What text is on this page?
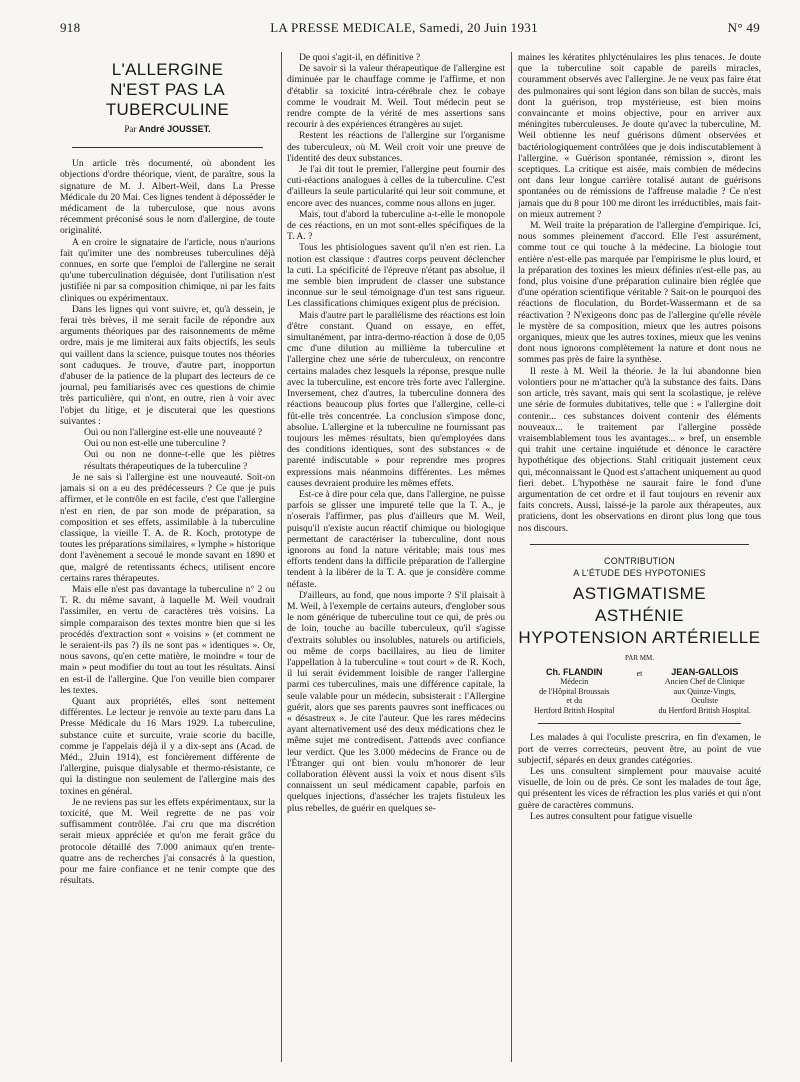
918	LA PRESSE MEDICALE, Samedi, 20 Juin 1931	N° 49
L'ALLERGINE
N'EST PAS LA TUBERCULINE
Par André JOUSSET.

Un article très documenté, où abondent les objections d'ordre théorique, vient, de paraître, sous la signature de M. J. Albert-Weil, dans La Presse Médicale du 20 Mai. Ces lignes tendent à déposséder le médicament de la tuberculose, que nous avons récemment préconisé sous le nom d'allergine, de toute originalité.

A en croire le signataire de l'article, nous n'aurions fait qu'imiter une des nombreuses tuberculines déjà connues, en sorte que l'emploi de l'allergine ne serait qu'une tuberculination déguisée, dont l'utilisation n'est justifiée ni par sa composition chimique, ni par les faits cliniques ou expérimentaux.

Dans les lignes qui vont suivre, et, qu'à dessein, je ferai très brèves, il me serait facile de répondre aux arguments théoriques par des raisonnements de même ordre, mais je me limiterai aux faits objectifs, les seuls qui vaillent dans la science, puisque toutes nos théories sont caduques. Je trouve, d'autre part, inopportun d'abuser de la patience de la plupart des lecteurs de ce journal, peu familiarisés avec ces questions de chimie très particulière, qui n'ont, en outre, rien à voir avec l'objet du litige, et je discuterai que les questions suivantes :

Oui ou non l'allergine est-elle une nouveauté ?

Oui ou non est-elle une tuberculine ?

Oui ou non ne donne-t-elle que les piètres résultats thérapeutiques de la tuberculine ?

Je ne sais si l'allergine est une nouveauté. Soit-on jamais si on a eu des prédécesseurs ? Ce que je puis affirmer, et le contrôle en est facile, c'est que l'allergine n'est en rien, de par son mode de préparation, sa composition et ses effets, assimilable à la tuberculine classique, la vieille T. A. de R. Koch, prototype de toutes les préparations similaires, « lymphe » historique dont l'avènement a secoué le monde savant en 1890 et que, malgré de retentissants échecs, utilisent encore certains rares thérapeutes.

Mais elle n'est pas davantage la tuberculine n° 2 ou T. R. du même savant, à laquelle M. Weil voudrait l'assimiler, en vertu de caractères très voisins. La simple comparaison des textes montre bien que si les procédés d'extraction sont « voisins » (et comment ne le seraient-ils pas ?) ils ne sont pas « identiques ». Or, nous savons, qu'en cette matière, le moindre « tour de main » peut modifier du tout au tout les résultats. Ainsi en est-il de l'allergine. Que l'on veuille bien comparer les textes.

Quant aux propriétés, elles sont nettement différentes. Le lecteur je renvoie au texte paru dans La Presse Médicale du 16 Mars 1929. La tuberculine, substance cuite et surcuite, vraie scorie du bacille, comme je l'appelais déjà il y a dix-sept ans (Acad. de Méd., 2Juin 1914), est foncièrement différente de l'allergine, puisque dialysable et thermo-résistante, ce qui la distingue non seulement de l'allergine mais des toxines en général.

Je ne reviens pas sur les effets expérimentaux, sur la toxicité, que M. Weil regrette de ne pas voir suffisamment contrôlée. J'ai cru que ma discrétion serait mieux appréciée et qu'on me ferait grâce du protocole détaillé des 7.000 animaux qu'en trente-quatre ans de recherches j'ai consacrés à la question, pour me faire confiance et ne tenir compte que des résultats.

De quoi s'agit-il, en définitive ?

De savoir si la valeur thérapeutique de l'allergine est diminuée par le chauffage comme je l'affirme, et non d'établir sa toxicité intra-cérébrale chez le cobaye comme le voudrait M. Weil. Tout médecin peut se rendre compte de la vérité de mes assertions sans recourir à des expériences étrangères au sujet.

Restent les réactions de l'allergine sur l'organisme des tuberculeux, où M. Weil croit voir une preuve de l'identité des deux substances.

Je l'ai dit tout le premier, l'allergine peut fournir des cuti-réactions analogues à celles de la tuberculine. C'est d'ailleurs la seule particularité qui leur soit commune, et encore avec des nuances, comme nous allons en juger.

Mais, tout d'abord la tuberculine a-t-elle le monopole de ces réactions, en un mot sont-elles spécifiques de la T. A. ?

Tous les phtisiologues savent qu'il n'en est rien. La notion est classique : d'autres corps peuvent déclencher la cuti. La spécificité de l'épreuve n'étant pas absolue, il me semble bien imprudent de classer une substance inconnue sur le seul témoignage d'un test sans rigueur. Les classifications chimiques exigent plus de précision.

Mais d'autre part le parallélisme des réactions est loin d'être constant. Quand on essaye, en effet, simultanément, par intra-dermo-réaction à dose de 0,05 cmc d'une dilution au millième la tuberculine et l'allergine chez une série de tuberculeux, on rencontre certains malades chez lesquels la réponse, presque nulle avec la tuberculine, est encore très forte avec l'allergine. Inversement, chez d'autres, la tuberculine donnera des réactions beaucoup plus fortes que l'allergine, celle-ci fût-elle très concentrée. La conclusion s'impose donc, absolue. L'allergine et la tuberculine ne fournissant pas toujours les mêmes résultats, bien qu'employées dans des conditions identiques, sont des substances « de parenté indiscutable » pour reprendre mes propres expressions mais néanmoins différentes. Les mêmes causes devraient produire les mêmes effets.

Est-ce à dire pour cela que, dans l'allergine, ne puisse parfois se glisser une impureté telle que la T. A., je n'oserais l'affirmer, pas plus d'ailleurs que M. Weil, puisqu'il n'existe aucun réactif chimique ou biologique permettant de caractériser la tuberculine, dont nous ignorons au fond la nature véritable; mais tous mes efforts tendent dans la difficile préparation de l'allergine tendent à la libérer de la T. A. que je considère comme néfaste.

D'ailleurs, au fond, que nous importe ? S'il plaisait à M. Weil, à l'exemple de certains auteurs, d'englober sous le nom générique de tuberculine tout ce qui, de près ou de loin, touche au bacille tuberculeux, qu'il s'agisse d'extraits solubles ou insolubles, naturels ou artificiels, ou même de corps bacillaires, au lieu de limiter l'appellation à la tuberculine « tout court » de R. Koch, il lui serait évidemment loisible de ranger l'allergine parmi ces tuberculines, mais une différence capitale, la seule valable pour un médecin, subsisterait : l'Allergine guérit, alors que ses parents pauvres sont inefficaces ou « désastreux ». Je cite l'auteur. Que les rares médecins ayant alternativement usé des deux médications chez le même sujet me contredisent. J'attends avec confiance leur verdict. Que les 3.000 médecins de France ou de l'Étranger qui ont bien voulu m'honorer de leur collaboration élèvent aussi la voix et nous disent s'ils connaissent un seul médicament capable, parfois en quelques injections, d'assécher les trajets fistuleux les plus rebelles, de guérir en quelques se-

maines les kératites phlycténulaires les plus tenaces. Je doute que la tuberculine soit capable de pareils miracles, couramment observés avec l'allergine. Je ne veux pas faire état des pulmonaires qui sont légion dans son bilan de succès, mais dont la guérison, trop mystérieuse, est bien moins convaincante et moins objective, pour en arriver aux méningites tuberculeuses. Je doute qu'avec la tuberculine, M. Weil obtienne les neuf guérisons dûment observées et bactériologiquement contrôlées que je dois indiscutablement à l'allergine. « Guérison spontanée, rémission », diront les sceptiques. La critique est aisée, mais combien de médecins ont dans leur longue carrière totalisé autant de guérisons spontanées ou de rémissions de l'affreuse maladie ? Ce n'est jamais que du 8 pour 100 me diront les irréductibles, mais fait-on mieux autrement ?

M. Weil traite la préparation de l'allergine d'empirique. Ici, nous sommes pleinement d'accord. Elle l'est assurément, comme tout ce qui touche à la médecine. La biologie tout entière n'est-elle pas marquée par l'empirisme le plus lourd, et la préparation des toxines les mieux définies n'est-elle pas, au fond, plus voisine d'une préparation culinaire bien réglée que d'une opération scientifique véritable ? Sait-on le pourquoi des réactions de floculation, du Bordet-Wassermann et de sa réactivation ? N'exigeons donc pas de l'allergine qu'elle révèle le mystère de sa composition, mieux que les autres poisons organiques, mieux que les autres toxines, mieux que les venins dont nous ignorons complètement la nature et dont nous ne sommes pas près de faire la synthèse.

Il reste à M. Weil la théorie. Je la lui abandonne bien volontiers pour ne m'attacher qu'à la substance des faits. Dans son article, très savant, mais qui sent la scolastique, je relève une série de formules dubitatives, telle que : « l'allergine doit contenir... ces substances doivent contenir des éléments nouveaux... le traitement par l'allergine possède vraisemblablement tous les avantages... » bref, un ensemble qui trahit une certaine inquiétude et dénonce le caractère hypothétique des objections. Stahl critiquait justement ceux qui, méconnaissant le Quod est s'attachent uniquement au quod fieri debet. L'hypothèse ne saurait faire le fond d'une argumentation de cet ordre et il faut toujours en revenir aux faits concrets. Aussi, laissé-je la parole aux thérapeutes, aux praticiens, dont les observations en diront plus long que tous nos discours.

CONTRIBUTION
A L'ÉTUDE DES HYPOTONIES
ASTIGMATISME
ASTHÉNIE
HYPOTENSION ARTÉRIELLE
PAR MM.
Ch. FLANDIN
Médecin
de l'Hôpital Broussais
et du
Hertford British Hospital
et	JEAN-GALLOIS
Ancien Chef de Clinique
aux Quinze-Vingts,
Oculiste
du Hertford British Hospital.

Les malades à qui l'oculiste prescrira, en fin d'examen, le port de verres correcteurs, peuvent être, au point de vue subjectif, séparés en deux grandes catégories.

Les uns consultent simplement pour mauvaise acuité visuelle, de loin ou de près. Ce sont les malades de tout âge, qui présentent les vices de réfraction les plus variés et qui n'ont guère de caractères communs.

Les autres consultent pour fatigue visuelle
